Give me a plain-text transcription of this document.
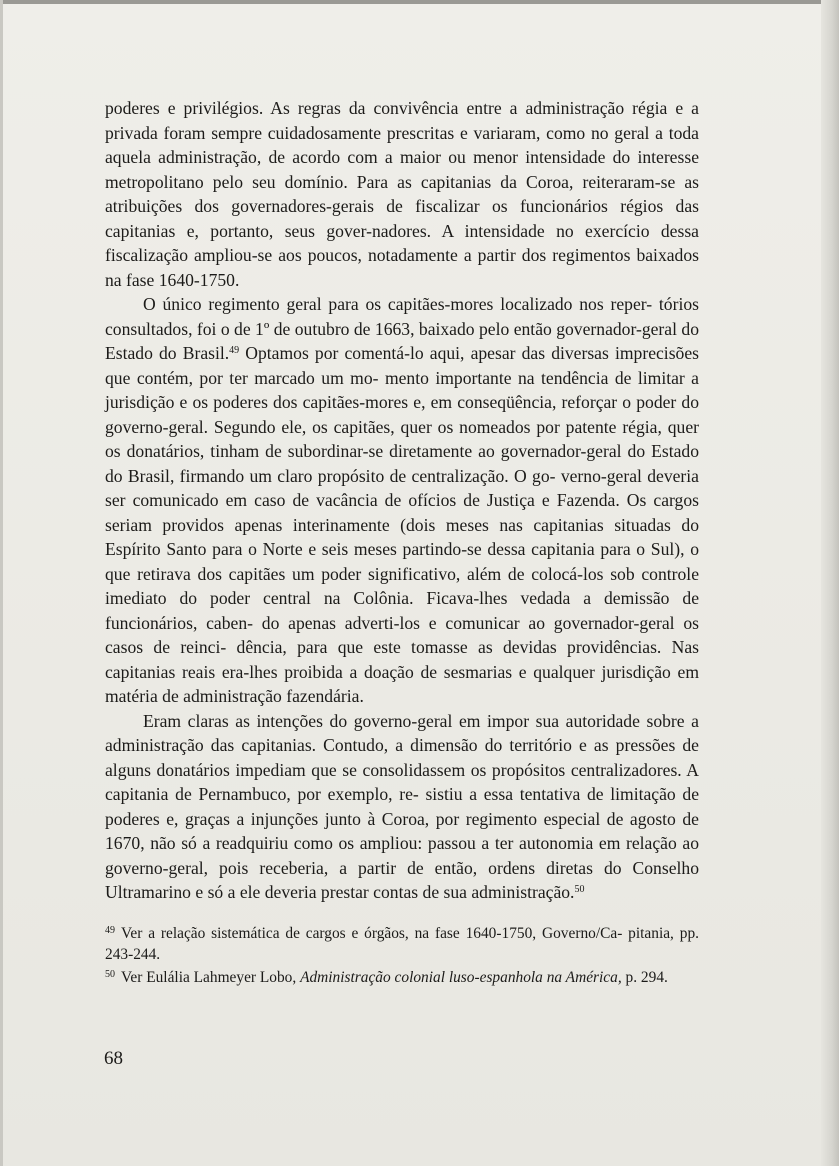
poderes e privilégios. As regras da convivência entre a administração régia e a privada foram sempre cuidadosamente prescritas e variaram, como no geral a toda aquela administração, de acordo com a maior ou menor intensidade do interesse metropolitano pelo seu domínio. Para as capitanias da Coroa, reiteraram-se as atribuições dos governadores-gerais de fiscalizar os funcionários régios das capitanias e, portanto, seus gover-nadores. A intensidade no exercício dessa fiscalização ampliou-se aos poucos, notadamente a partir dos regimentos baixados na fase 1640-1750.

O único regimento geral para os capitães-mores localizado nos reper- tórios consultados, foi o de 1º de outubro de 1663, baixado pelo então governador-geral do Estado do Brasil.$^{49}$ Optamos por comentá-lo aqui, apesar das diversas imprecisões que contém, por ter marcado um mo- mento importante na tendência de limitar a jurisdição e os poderes dos capitães-mores e, em conseqüência, reforçar o poder do governo-geral. Segundo ele, os capitães, quer os nomeados por patente régia, quer os donatários, tinham de subordinar-se diretamente ao governador-geral do Estado do Brasil, firmando um claro propósito de centralização. O go- verno-geral deveria ser comunicado em caso de vacância de ofícios de Justiça e Fazenda. Os cargos seriam providos apenas interinamente (dois meses nas capitanias situadas do Espírito Santo para o Norte e seis meses partindo-se dessa capitania para o Sul), o que retirava dos capitães um poder significativo, além de colocá-los sob controle imediato do poder central na Colônia. Ficava-lhes vedada a demissão de funcionários, caben- do apenas adverti-los e comunicar ao governador-geral os casos de reinci- dência, para que este tomasse as devidas providências. Nas capitanias reais era-lhes proibida a doação de sesmarias e qualquer jurisdição em matéria de administração fazendária.

Eram claras as intenções do governo-geral em impor sua autoridade sobre a administração das capitanias. Contudo, a dimensão do território e as pressões de alguns donatários impediam que se consolidassem os propósitos centralizadores. A capitania de Pernambuco, por exemplo, re- sistiu a essa tentativa de limitação de poderes e, graças a injunções junto à Coroa, por regimento especial de agosto de 1670, não só a readquiriu como os ampliou: passou a ter autonomia em relação ao governo-geral, pois receberia, a partir de então, ordens diretas do Conselho Ultramarino e só a ele deveria prestar contas de sua administração.$^{50}$

$^{49}$ Ver a relação sistemática de cargos e órgãos, na fase 1640-1750, Governo/Ca- pitania, pp. 243-244.

$^{50}$ Ver Eulália Lahmeyer Lobo, Administração colonial luso-espanhola na América, p. 294.

68
